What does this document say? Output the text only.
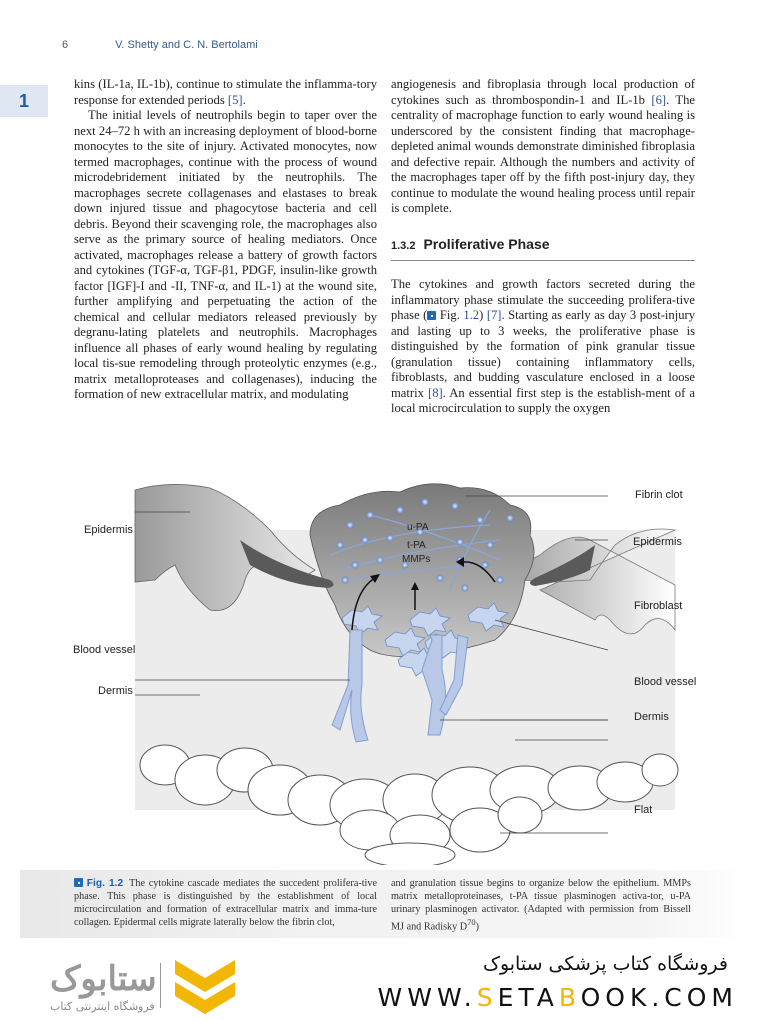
6	V. Shetty and C. N. Bertolami
1

kins (IL-1a, IL-1b), continue to stimulate the inflamma-tory response for extended periods [5].

The initial levels of neutrophils begin to taper over the next 24–72 h with an increasing deployment of blood-borne monocytes to the site of injury. Activated monocytes, now termed macrophages, continue with the process of wound microdebridement initiated by the neutrophils. The macrophages secrete collagenases and elastases to break down injured tissue and phagocytose bacteria and cell debris. Beyond their scavenging role, the macrophages also serve as the primary source of healing mediators. Once activated, macrophages release a battery of growth factors and cytokines (TGF-α, TGF-β1, PDGF, insulin-like growth factor [IGF]-I and -II, TNF-α, and IL-1) at the wound site, further amplifying and perpetuating the action of the chemical and cellular mediators released previously by degranu-lating platelets and neutrophils. Macrophages influence all phases of early wound healing by regulating local tis-sue remodeling through proteolytic enzymes (e.g., matrix metalloproteases and collagenases), inducing the formation of new extracellular matrix, and modulating

angiogenesis and fibroplasia through local production of cytokines such as thrombospondin-1 and IL-1b [6]. The centrality of macrophage function to early wound healing is underscored by the consistent finding that macrophage-depleted animal wounds demonstrate diminished fibroplasia and defective repair. Although the numbers and activity of the macrophages taper off by the fifth post-injury day, they continue to modulate the wound healing process until repair is complete.

1.3.2 Proliferative Phase

The cytokines and growth factors secreted during the inflammatory phase stimulate the succeeding prolifera-tive phase ( Fig. 1.2) [7]. Starting as early as day 3 post-injury and lasting up to 3 weeks, the proliferative phase is distinguished by the formation of pink granular tissue (granulation tissue) containing inflammatory cells, fibroblasts, and budding vasculature enclosed in a loose matrix [8]. An essential first step is the establish-ment of a local microcirculation to supply the oxygen

u-PA
t-PA
MMPs
Epidermis
Blood vessel
Dermis
Fibrin clot
Epidermis
Fibroblast
Blood vessel
Dermis
Flat
Fig. 1.2 The cytokine cascade mediates the succedent prolifera-tive phase. This phase is distinguished by the establishment of local microcirculation and formation of extracellular matrix and imma-ture collagen. Epidermal cells migrate laterally below the fibrin clot,
and granulation tissue begins to organize below the epithelium. MMPs matrix metalloproteinases, t-PA tissue plasminogen activa-tor, u-PA urinary plasminogen activator. (Adapted with permission from Bissell MJ and Radisky $D^{70}$)
ستابوک
فروشگاه اینترنتی کتاب
فروشگاه کتاب پزشکی ستابوک
WWW.SETABOOK.COM
